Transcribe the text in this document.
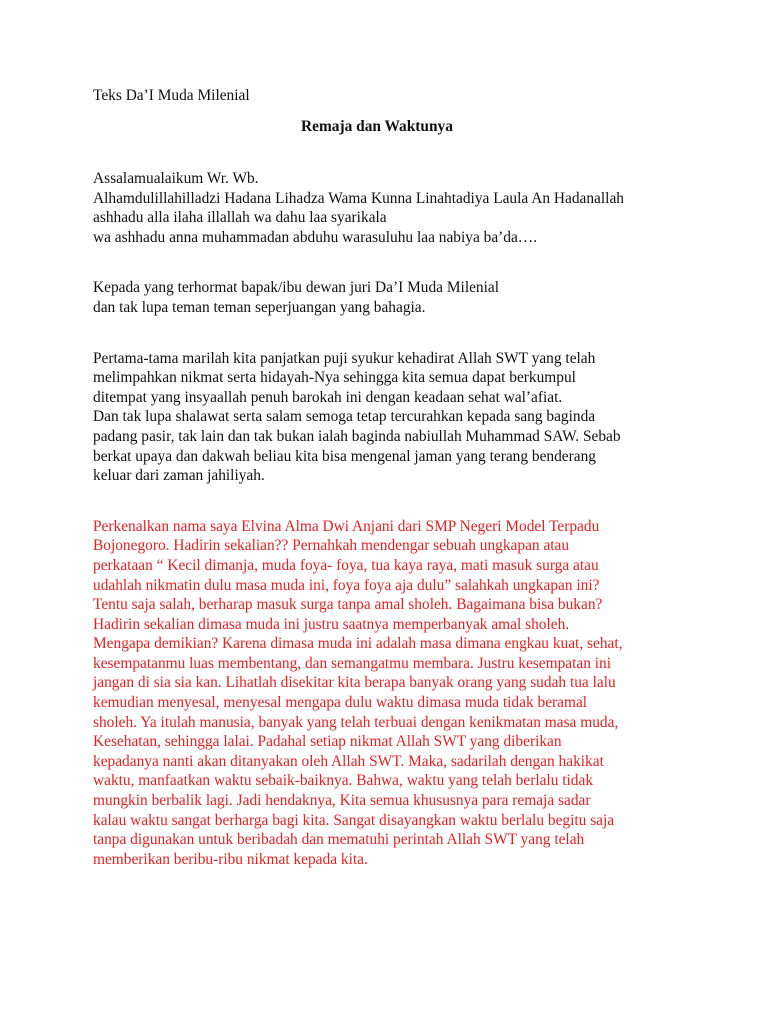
Teks Da’I Muda Milenial

Remaja dan Waktunya

Assalamualaikum Wr. Wb.
Alhamdulillahilladzi Hadana Lihadza Wama Kunna Linahtadiya Laula An Hadanallah
ashhadu alla ilaha illallah wa dahu laa syarikala
wa ashhadu anna muhammadan abduhu warasuluhu laa nabiya ba’da….
Kepada yang terhormat bapak/ibu dewan juri Da’I Muda Milenial
dan tak lupa teman teman seperjuangan yang bahagia.
Pertama-tama marilah kita panjatkan puji syukur kehadirat Allah SWT yang telah
melimpahkan nikmat serta hidayah-Nya sehingga kita semua dapat berkumpul
ditempat yang insyaallah penuh barokah ini dengan keadaan sehat wal’afiat.
Dan tak lupa shalawat serta salam semoga tetap tercurahkan kepada sang baginda
padang pasir, tak lain dan tak bukan ialah baginda nabiullah Muhammad SAW. Sebab
berkat upaya dan dakwah beliau kita bisa mengenal jaman yang terang benderang
keluar dari zaman jahiliyah.
Perkenalkan nama saya Elvina Alma Dwi Anjani dari SMP Negeri Model Terpadu
Bojonegoro. Hadirin sekalian?? Pernahkah mendengar sebuah ungkapan atau
perkataan “ Kecil dimanja, muda foya- foya, tua kaya raya, mati masuk surga atau
udahlah nikmatin dulu masa muda ini, foya foya aja dulu” salahkah ungkapan ini?
Tentu saja salah, berharap masuk surga tanpa amal sholeh. Bagaimana bisa bukan?
Hadirin sekalian dimasa muda ini justru saatnya memperbanyak amal sholeh.
Mengapa demikian? Karena dimasa muda ini adalah masa dimana engkau kuat, sehat,
kesempatanmu luas membentang, dan semangatmu membara. Justru kesempatan ini
jangan di sia sia kan. Lihatlah disekitar kita berapa banyak orang yang sudah tua lalu
kemudian menyesal, menyesal mengapa dulu waktu dimasa muda tidak beramal
sholeh. Ya itulah manusia, banyak yang telah terbuai dengan kenikmatan masa muda,
Kesehatan, sehingga lalai. Padahal setiap nikmat Allah SWT yang diberikan
kepadanya nanti akan ditanyakan oleh Allah SWT. Maka, sadarilah dengan hakikat
waktu, manfaatkan waktu sebaik-baiknya. Bahwa, waktu yang telah berlalu tidak
mungkin berbalik lagi. Jadi hendaknya, Kita semua khususnya para remaja sadar
kalau waktu sangat berharga bagi kita. Sangat disayangkan waktu berlalu begitu saja
tanpa digunakan untuk beribadah dan mematuhi perintah Allah SWT yang telah
memberikan beribu-ribu nikmat kepada kita.
